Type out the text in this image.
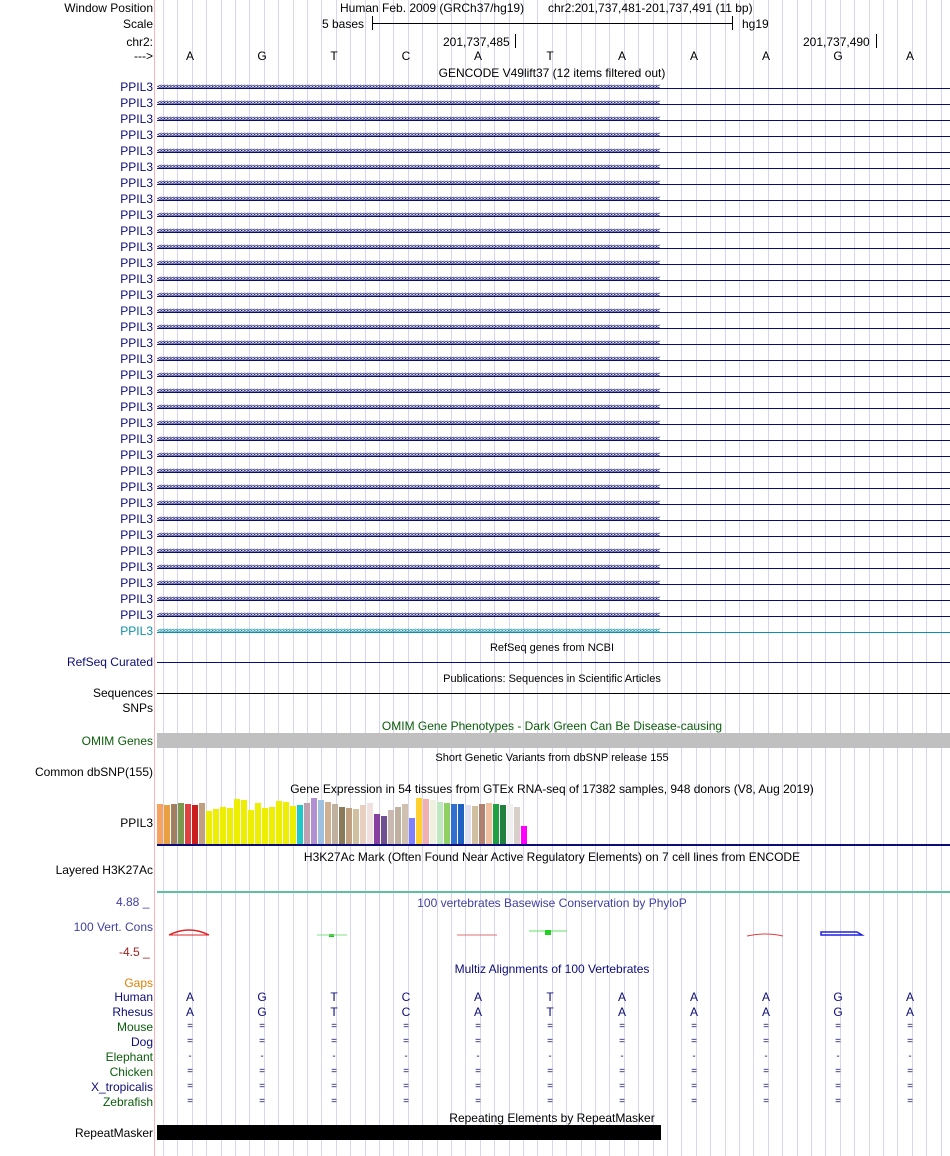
Window Position	Human Feb. 2009 (GRCh37/hg19) chr2:201,737,481-201,737,491 (11 bp)
Scale	5 bases	hg19
chr2:	201,737,485	201,737,490
--->	A	G	T	C	A	T	A	A	A	G	A
GENCODE V49lift37 (12 items filtered out)
PPIL3 <<<<<<<<<<<<<<<<<<<<<<<<<<<<<<<<<<<<<<<<<<<<<<<<<<<<<<<<<<<<<<<<<<<<<<<<<<<<<<<<<<<<<<<<<<<<<<<<<<<<<<<<<<<<<<<<<<<<<<<<<<<<<<<<<<<<<<<<<<<<<<<<<<<<<<<<<<<<
PPIL3 <<<<<<<<<<<<<<<<<<<<<<<<<<<<<<<<<<<<<<<<<<<<<<<<<<<<<<<<<<<<<<<<<<<<<<<<<<<<<<<<<<<<<<<<<<<<<<<<<<<<<<<<<<<<<<<<<<<<<<<<<<<<<<<<<<<<<<<<<<<<<<<<<<<<<<<<<<<<
PPIL3 <<<<<<<<<<<<<<<<<<<<<<<<<<<<<<<<<<<<<<<<<<<<<<<<<<<<<<<<<<<<<<<<<<<<<<<<<<<<<<<<<<<<<<<<<<<<<<<<<<<<<<<<<<<<<<<<<<<<<<<<<<<<<<<<<<<<<<<<<<<<<<<<<<<<<<<<<<<<
PPIL3 <<<<<<<<<<<<<<<<<<<<<<<<<<<<<<<<<<<<<<<<<<<<<<<<<<<<<<<<<<<<<<<<<<<<<<<<<<<<<<<<<<<<<<<<<<<<<<<<<<<<<<<<<<<<<<<<<<<<<<<<<<<<<<<<<<<<<<<<<<<<<<<<<<<<<<<<<<<<
PPIL3 <<<<<<<<<<<<<<<<<<<<<<<<<<<<<<<<<<<<<<<<<<<<<<<<<<<<<<<<<<<<<<<<<<<<<<<<<<<<<<<<<<<<<<<<<<<<<<<<<<<<<<<<<<<<<<<<<<<<<<<<<<<<<<<<<<<<<<<<<<<<<<<<<<<<<<<<<<<<
PPIL3 <<<<<<<<<<<<<<<<<<<<<<<<<<<<<<<<<<<<<<<<<<<<<<<<<<<<<<<<<<<<<<<<<<<<<<<<<<<<<<<<<<<<<<<<<<<<<<<<<<<<<<<<<<<<<<<<<<<<<<<<<<<<<<<<<<<<<<<<<<<<<<<<<<<<<<<<<<<<
PPIL3 <<<<<<<<<<<<<<<<<<<<<<<<<<<<<<<<<<<<<<<<<<<<<<<<<<<<<<<<<<<<<<<<<<<<<<<<<<<<<<<<<<<<<<<<<<<<<<<<<<<<<<<<<<<<<<<<<<<<<<<<<<<<<<<<<<<<<<<<<<<<<<<<<<<<<<<<<<<<
PPIL3 <<<<<<<<<<<<<<<<<<<<<<<<<<<<<<<<<<<<<<<<<<<<<<<<<<<<<<<<<<<<<<<<<<<<<<<<<<<<<<<<<<<<<<<<<<<<<<<<<<<<<<<<<<<<<<<<<<<<<<<<<<<<<<<<<<<<<<<<<<<<<<<<<<<<<<<<<<<<
PPIL3 <<<<<<<<<<<<<<<<<<<<<<<<<<<<<<<<<<<<<<<<<<<<<<<<<<<<<<<<<<<<<<<<<<<<<<<<<<<<<<<<<<<<<<<<<<<<<<<<<<<<<<<<<<<<<<<<<<<<<<<<<<<<<<<<<<<<<<<<<<<<<<<<<<<<<<<<<<<<
PPIL3 <<<<<<<<<<<<<<<<<<<<<<<<<<<<<<<<<<<<<<<<<<<<<<<<<<<<<<<<<<<<<<<<<<<<<<<<<<<<<<<<<<<<<<<<<<<<<<<<<<<<<<<<<<<<<<<<<<<<<<<<<<<<<<<<<<<<<<<<<<<<<<<<<<<<<<<<<<<<
PPIL3 <<<<<<<<<<<<<<<<<<<<<<<<<<<<<<<<<<<<<<<<<<<<<<<<<<<<<<<<<<<<<<<<<<<<<<<<<<<<<<<<<<<<<<<<<<<<<<<<<<<<<<<<<<<<<<<<<<<<<<<<<<<<<<<<<<<<<<<<<<<<<<<<<<<<<<<<<<<<
PPIL3 <<<<<<<<<<<<<<<<<<<<<<<<<<<<<<<<<<<<<<<<<<<<<<<<<<<<<<<<<<<<<<<<<<<<<<<<<<<<<<<<<<<<<<<<<<<<<<<<<<<<<<<<<<<<<<<<<<<<<<<<<<<<<<<<<<<<<<<<<<<<<<<<<<<<<<<<<<<<
PPIL3 <<<<<<<<<<<<<<<<<<<<<<<<<<<<<<<<<<<<<<<<<<<<<<<<<<<<<<<<<<<<<<<<<<<<<<<<<<<<<<<<<<<<<<<<<<<<<<<<<<<<<<<<<<<<<<<<<<<<<<<<<<<<<<<<<<<<<<<<<<<<<<<<<<<<<<<<<<<<
PPIL3 <<<<<<<<<<<<<<<<<<<<<<<<<<<<<<<<<<<<<<<<<<<<<<<<<<<<<<<<<<<<<<<<<<<<<<<<<<<<<<<<<<<<<<<<<<<<<<<<<<<<<<<<<<<<<<<<<<<<<<<<<<<<<<<<<<<<<<<<<<<<<<<<<<<<<<<<<<<<
PPIL3 <<<<<<<<<<<<<<<<<<<<<<<<<<<<<<<<<<<<<<<<<<<<<<<<<<<<<<<<<<<<<<<<<<<<<<<<<<<<<<<<<<<<<<<<<<<<<<<<<<<<<<<<<<<<<<<<<<<<<<<<<<<<<<<<<<<<<<<<<<<<<<<<<<<<<<<<<<<<
PPIL3 <<<<<<<<<<<<<<<<<<<<<<<<<<<<<<<<<<<<<<<<<<<<<<<<<<<<<<<<<<<<<<<<<<<<<<<<<<<<<<<<<<<<<<<<<<<<<<<<<<<<<<<<<<<<<<<<<<<<<<<<<<<<<<<<<<<<<<<<<<<<<<<<<<<<<<<<<<<<
PPIL3 <<<<<<<<<<<<<<<<<<<<<<<<<<<<<<<<<<<<<<<<<<<<<<<<<<<<<<<<<<<<<<<<<<<<<<<<<<<<<<<<<<<<<<<<<<<<<<<<<<<<<<<<<<<<<<<<<<<<<<<<<<<<<<<<<<<<<<<<<<<<<<<<<<<<<<<<<<<<
PPIL3 <<<<<<<<<<<<<<<<<<<<<<<<<<<<<<<<<<<<<<<<<<<<<<<<<<<<<<<<<<<<<<<<<<<<<<<<<<<<<<<<<<<<<<<<<<<<<<<<<<<<<<<<<<<<<<<<<<<<<<<<<<<<<<<<<<<<<<<<<<<<<<<<<<<<<<<<<<<<
PPIL3 <<<<<<<<<<<<<<<<<<<<<<<<<<<<<<<<<<<<<<<<<<<<<<<<<<<<<<<<<<<<<<<<<<<<<<<<<<<<<<<<<<<<<<<<<<<<<<<<<<<<<<<<<<<<<<<<<<<<<<<<<<<<<<<<<<<<<<<<<<<<<<<<<<<<<<<<<<<<
PPIL3 <<<<<<<<<<<<<<<<<<<<<<<<<<<<<<<<<<<<<<<<<<<<<<<<<<<<<<<<<<<<<<<<<<<<<<<<<<<<<<<<<<<<<<<<<<<<<<<<<<<<<<<<<<<<<<<<<<<<<<<<<<<<<<<<<<<<<<<<<<<<<<<<<<<<<<<<<<<<
PPIL3 <<<<<<<<<<<<<<<<<<<<<<<<<<<<<<<<<<<<<<<<<<<<<<<<<<<<<<<<<<<<<<<<<<<<<<<<<<<<<<<<<<<<<<<<<<<<<<<<<<<<<<<<<<<<<<<<<<<<<<<<<<<<<<<<<<<<<<<<<<<<<<<<<<<<<<<<<<<<
PPIL3 <<<<<<<<<<<<<<<<<<<<<<<<<<<<<<<<<<<<<<<<<<<<<<<<<<<<<<<<<<<<<<<<<<<<<<<<<<<<<<<<<<<<<<<<<<<<<<<<<<<<<<<<<<<<<<<<<<<<<<<<<<<<<<<<<<<<<<<<<<<<<<<<<<<<<<<<<<<<
PPIL3 <<<<<<<<<<<<<<<<<<<<<<<<<<<<<<<<<<<<<<<<<<<<<<<<<<<<<<<<<<<<<<<<<<<<<<<<<<<<<<<<<<<<<<<<<<<<<<<<<<<<<<<<<<<<<<<<<<<<<<<<<<<<<<<<<<<<<<<<<<<<<<<<<<<<<<<<<<<<
PPIL3 <<<<<<<<<<<<<<<<<<<<<<<<<<<<<<<<<<<<<<<<<<<<<<<<<<<<<<<<<<<<<<<<<<<<<<<<<<<<<<<<<<<<<<<<<<<<<<<<<<<<<<<<<<<<<<<<<<<<<<<<<<<<<<<<<<<<<<<<<<<<<<<<<<<<<<<<<<<<
PPIL3 <<<<<<<<<<<<<<<<<<<<<<<<<<<<<<<<<<<<<<<<<<<<<<<<<<<<<<<<<<<<<<<<<<<<<<<<<<<<<<<<<<<<<<<<<<<<<<<<<<<<<<<<<<<<<<<<<<<<<<<<<<<<<<<<<<<<<<<<<<<<<<<<<<<<<<<<<<<<
PPIL3 <<<<<<<<<<<<<<<<<<<<<<<<<<<<<<<<<<<<<<<<<<<<<<<<<<<<<<<<<<<<<<<<<<<<<<<<<<<<<<<<<<<<<<<<<<<<<<<<<<<<<<<<<<<<<<<<<<<<<<<<<<<<<<<<<<<<<<<<<<<<<<<<<<<<<<<<<<<<
PPIL3 <<<<<<<<<<<<<<<<<<<<<<<<<<<<<<<<<<<<<<<<<<<<<<<<<<<<<<<<<<<<<<<<<<<<<<<<<<<<<<<<<<<<<<<<<<<<<<<<<<<<<<<<<<<<<<<<<<<<<<<<<<<<<<<<<<<<<<<<<<<<<<<<<<<<<<<<<<<<
PPIL3 <<<<<<<<<<<<<<<<<<<<<<<<<<<<<<<<<<<<<<<<<<<<<<<<<<<<<<<<<<<<<<<<<<<<<<<<<<<<<<<<<<<<<<<<<<<<<<<<<<<<<<<<<<<<<<<<<<<<<<<<<<<<<<<<<<<<<<<<<<<<<<<<<<<<<<<<<<<<
PPIL3 <<<<<<<<<<<<<<<<<<<<<<<<<<<<<<<<<<<<<<<<<<<<<<<<<<<<<<<<<<<<<<<<<<<<<<<<<<<<<<<<<<<<<<<<<<<<<<<<<<<<<<<<<<<<<<<<<<<<<<<<<<<<<<<<<<<<<<<<<<<<<<<<<<<<<<<<<<<<
PPIL3 <<<<<<<<<<<<<<<<<<<<<<<<<<<<<<<<<<<<<<<<<<<<<<<<<<<<<<<<<<<<<<<<<<<<<<<<<<<<<<<<<<<<<<<<<<<<<<<<<<<<<<<<<<<<<<<<<<<<<<<<<<<<<<<<<<<<<<<<<<<<<<<<<<<<<<<<<<<<
PPIL3 <<<<<<<<<<<<<<<<<<<<<<<<<<<<<<<<<<<<<<<<<<<<<<<<<<<<<<<<<<<<<<<<<<<<<<<<<<<<<<<<<<<<<<<<<<<<<<<<<<<<<<<<<<<<<<<<<<<<<<<<<<<<<<<<<<<<<<<<<<<<<<<<<<<<<<<<<<<<
PPIL3 <<<<<<<<<<<<<<<<<<<<<<<<<<<<<<<<<<<<<<<<<<<<<<<<<<<<<<<<<<<<<<<<<<<<<<<<<<<<<<<<<<<<<<<<<<<<<<<<<<<<<<<<<<<<<<<<<<<<<<<<<<<<<<<<<<<<<<<<<<<<<<<<<<<<<<<<<<<<
PPIL3 <<<<<<<<<<<<<<<<<<<<<<<<<<<<<<<<<<<<<<<<<<<<<<<<<<<<<<<<<<<<<<<<<<<<<<<<<<<<<<<<<<<<<<<<<<<<<<<<<<<<<<<<<<<<<<<<<<<<<<<<<<<<<<<<<<<<<<<<<<<<<<<<<<<<<<<<<<<<
PPIL3 <<<<<<<<<<<<<<<<<<<<<<<<<<<<<<<<<<<<<<<<<<<<<<<<<<<<<<<<<<<<<<<<<<<<<<<<<<<<<<<<<<<<<<<<<<<<<<<<<<<<<<<<<<<<<<<<<<<<<<<<<<<<<<<<<<<<<<<<<<<<<<<<<<<<<<<<<<<<
PPIL3 <<<<<<<<<<<<<<<<<<<<<<<<<<<<<<<<<<<<<<<<<<<<<<<<<<<<<<<<<<<<<<<<<<<<<<<<<<<<<<<<<<<<<<<<<<<<<<<<<<<<<<<<<<<<<<<<<<<<<<<<<<<<<<<<<<<<<<<<<<<<<<<<<<<<<<<<<<<<
RefSeq genes from NCBI
RefSeq Curated
Publications: Sequences in Scientific Articles
Sequences
SNPs
OMIM Gene Phenotypes - Dark Green Can Be Disease-causing
OMIM Genes
Short Genetic Variants from dbSNP release 155
Common dbSNP(155)
Gene Expression in 54 tissues from GTEx RNA-seq of 17382 samples, 948 donors (V8, Aug 2019)
PPIL3
H3K27Ac Mark (Often Found Near Active Regulatory Elements) on 7 cell lines from ENCODE
Layered H3K27Ac
4.88 _	100 vertebrates Basewise Conservation by PhyloP
100 Vert. Cons
-4.5 _
Multiz Alignments of 100 Vertebrates
Gaps
Human	A	G	T	C	A	T	A	A	A	G	A
Rhesus	A	G	T	C	A	T	A	A	A	G	A
Mouse	=	=	=	=	=	=	=	=	=	=	=
Dog	=	=	=	=	=	=	=	=	=	=	=
Elephant	-	-	-	-	-	-	-	-	-	-	-
Chicken	=	=	=	=	=	=	=	=	=	=	=
X_tropicalis	=	=	=	=	=	=	=	=	=	=	=
Zebrafish	=	=	=	=	=	=	=	=	=	=	=
Repeating Elements by RepeatMasker
RepeatMasker
